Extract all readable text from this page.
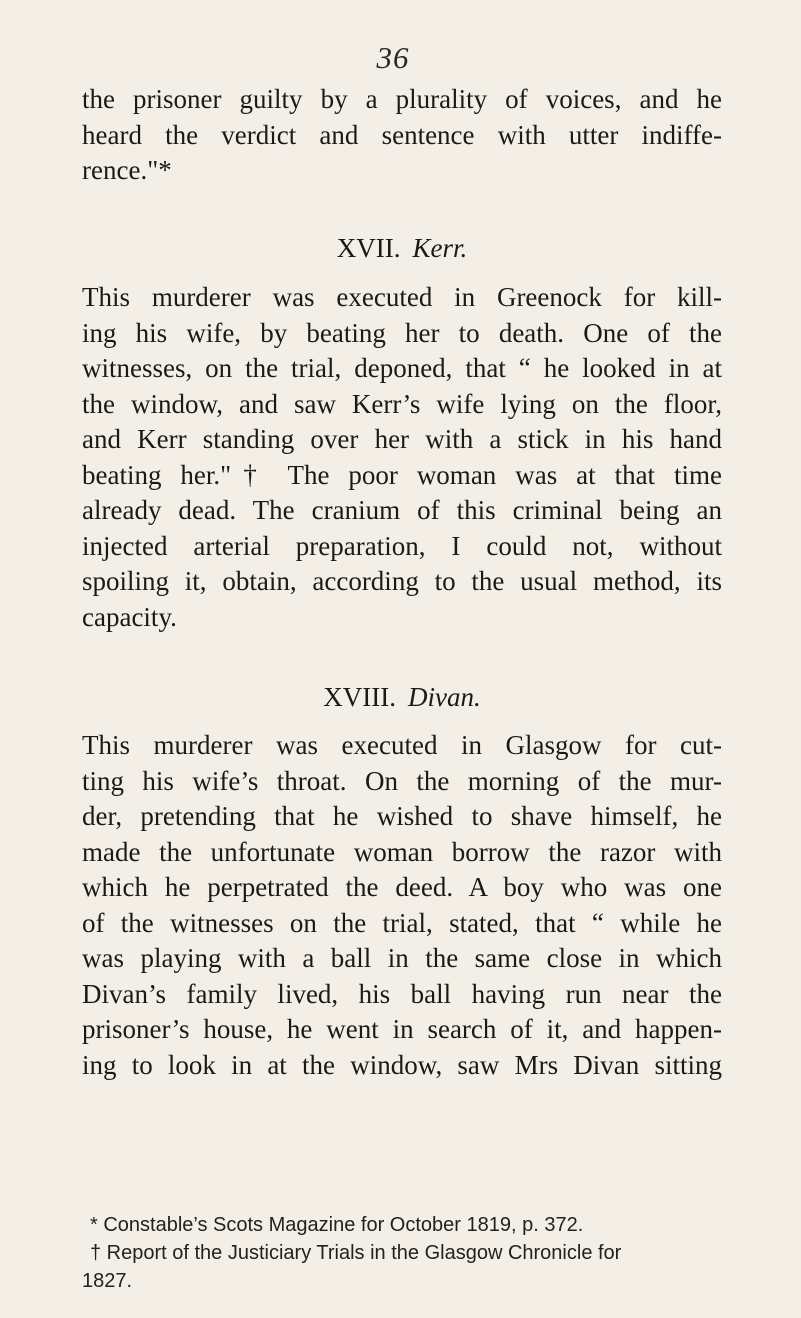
36
the prisoner guilty by a plurality of voices, and he
heard the verdict and sentence with utter indiffe-
rence."*
XVII. Kerr.
This murderer was executed in Greenock for kill-
ing his wife, by beating her to death. One of the
witnesses, on the trial, deponed, that “ he looked in at
the window, and saw Kerr’s wife lying on the floor,
and Kerr standing over her with a stick in his hand
beating her."† The poor woman was at that time
already dead. The cranium of this criminal being an
injected arterial preparation, I could not, without
spoiling it, obtain, according to the usual method, its
capacity.
XVIII. Divan.
This murderer was executed in Glasgow for cut-
ting his wife’s throat. On the morning of the mur-
der, pretending that he wished to shave himself, he
made the unfortunate woman borrow the razor with
which he perpetrated the deed. A boy who was one
of the witnesses on the trial, stated, that “ while he
was playing with a ball in the same close in which
Divan’s family lived, his ball having run near the
prisoner’s house, he went in search of it, and happen-
ing to look in at the window, saw Mrs Divan sitting
* Constable’s Scots Magazine for October 1819, p. 372.
† Report of the Justiciary Trials in the Glasgow Chronicle for
1827.
